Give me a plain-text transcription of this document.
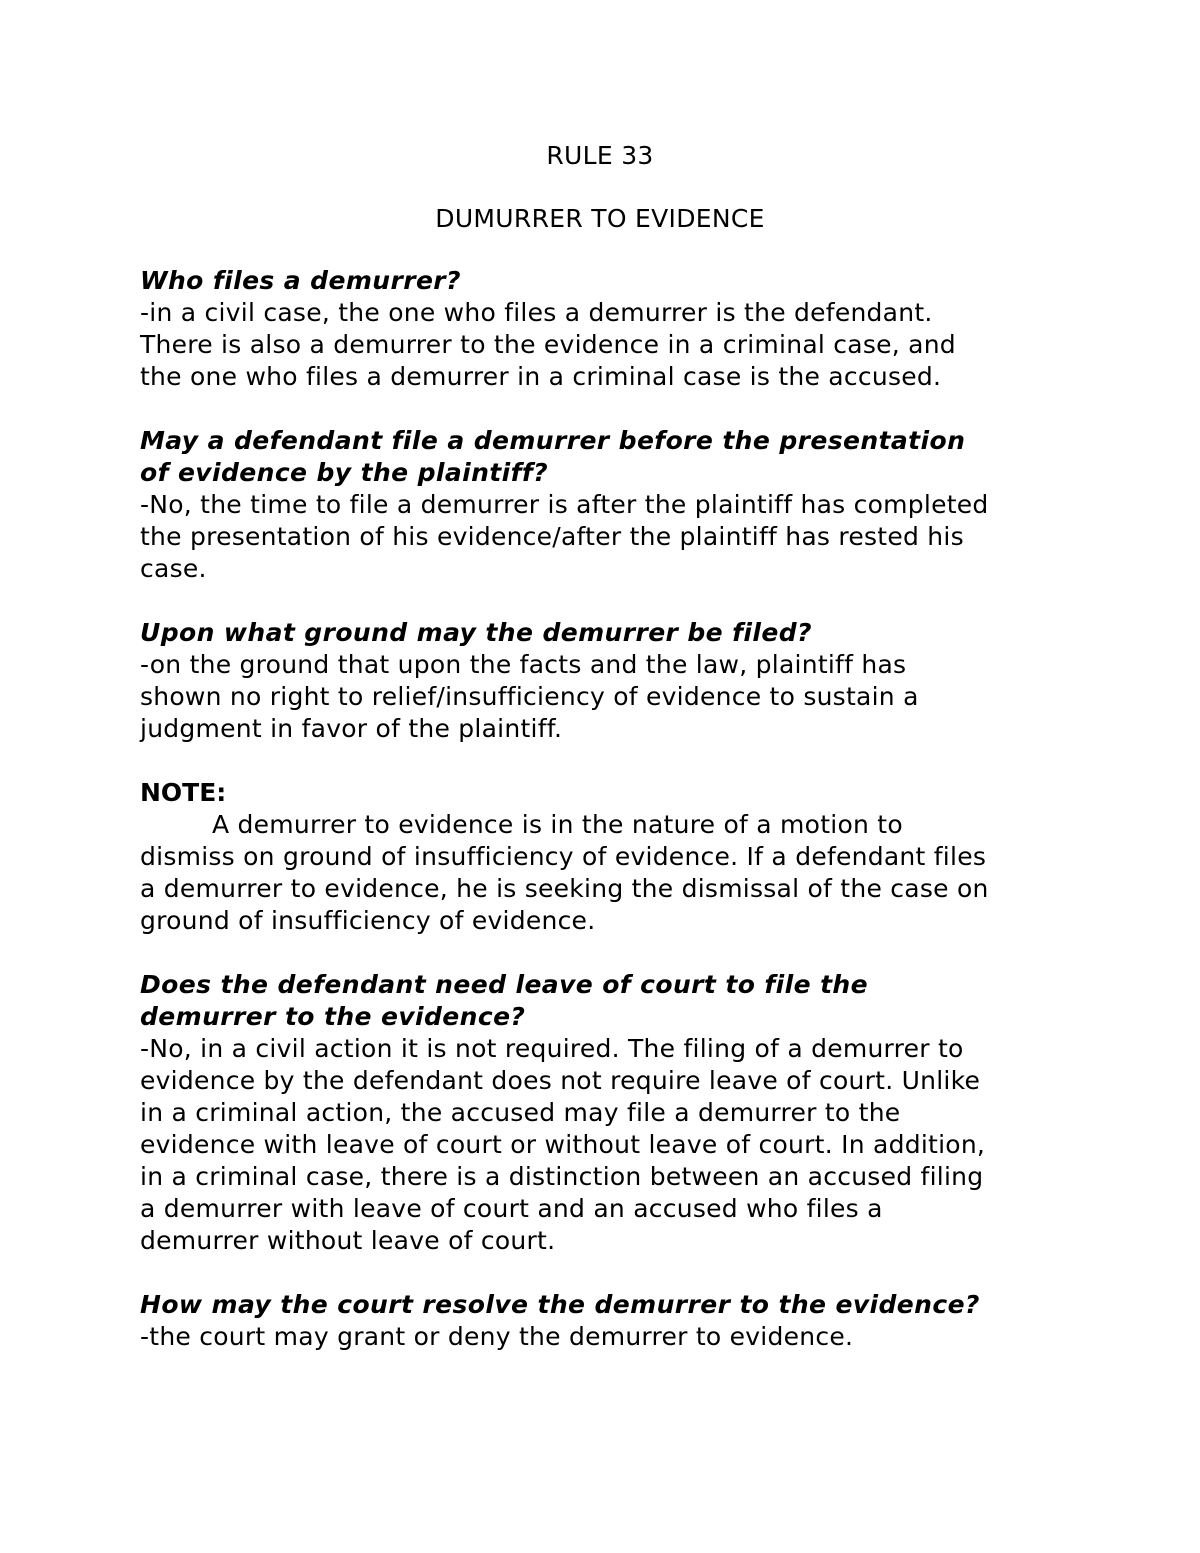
RULE 33

DUMURRER TO EVIDENCE

Who files a demurrer?

-in a civil case, the one who files a demurrer is the defendant.

There is also a demurrer to the evidence in a criminal case, and

the one who files a demurrer in a criminal case is the accused.

May a defendant file a demurrer before the presentation

of evidence by the plaintiff?

-No, the time to file a demurrer is after the plaintiff has completed

the presentation of his evidence/after the plaintiff has rested his

case.

Upon what ground may the demurrer be filed?

-on the ground that upon the facts and the law, plaintiff has

shown no right to relief/insufficiency of evidence to sustain a

judgment in favor of the plaintiff.

NOTE:

A demurrer to evidence is in the nature of a motion to

dismiss on ground of insufficiency of evidence. If a defendant files

a demurrer to evidence, he is seeking the dismissal of the case on

ground of insufficiency of evidence.

Does the defendant need leave of court to file the

demurrer to the evidence?

-No, in a civil action it is not required. The filing of a demurrer to

evidence by the defendant does not require leave of court. Unlike

in a criminal action, the accused may file a demurrer to the

evidence with leave of court or without leave of court. In addition,

in a criminal case, there is a distinction between an accused filing

a demurrer with leave of court and an accused who files a

demurrer without leave of court.

How may the court resolve the demurrer to the evidence?

-the court may grant or deny the demurrer to evidence.
